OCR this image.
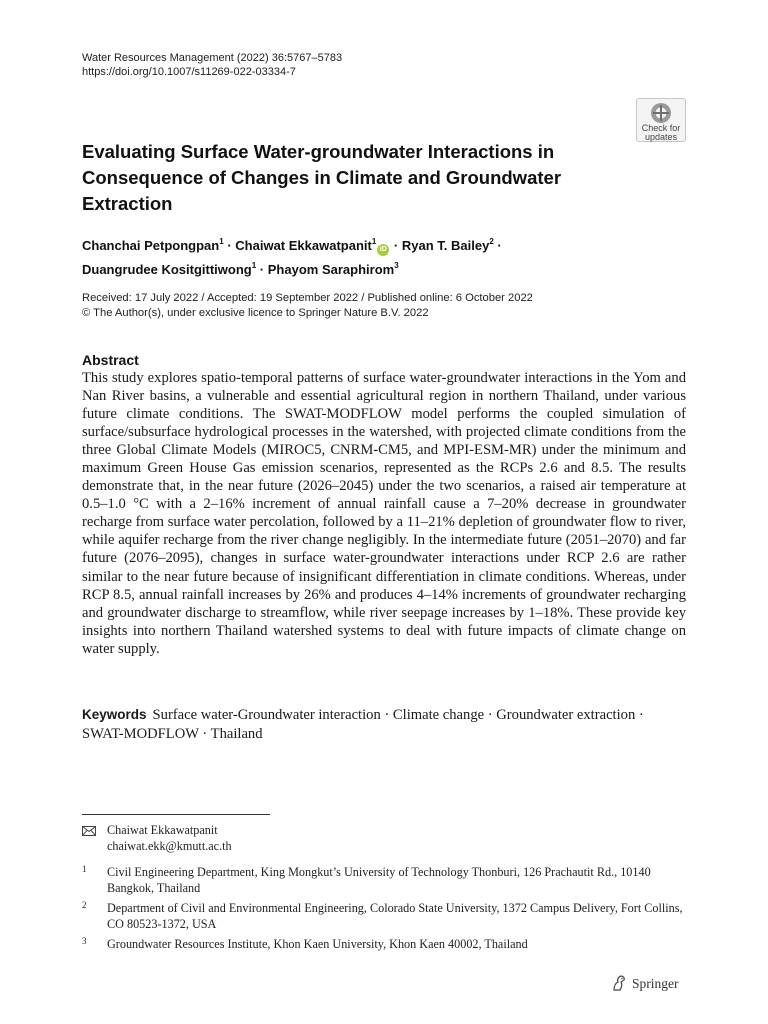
Water Resources Management (2022) 36:5767–5783
https://doi.org/10.1007/s11269-022-03334-7
Check for
updates
Evaluating Surface Water-groundwater Interactions in Consequence of Changes in Climate and Groundwater Extraction
Chanchai Petpongpan$^1$ · Chaiwat Ekkawatpanit$^1$iD · Ryan T. Bailey$^2$ ·
Duangrudee Kositgittiwong$^1$ · Phayom Saraphirom$^3$
Received: 17 July 2022 / Accepted: 19 September 2022 / Published online: 6 October 2022
© The Author(s), under exclusive licence to Springer Nature B.V. 2022
Abstract
This study explores spatio-temporal patterns of surface water-groundwater interactions in the Yom and Nan River basins, a vulnerable and essential agricultural region in northern Thailand, under various future climate conditions. The SWAT-MODFLOW model performs the coupled simulation of surface/subsurface hydrological processes in the watershed, with projected climate conditions from the three Global Climate Models (MIROC5, CNRM-CM5, and MPI-ESM-MR) under the minimum and maximum Green House Gas emission scenarios, represented as the RCPs 2.6 and 8.5. The results demonstrate that, in the near future (2026–2045) under the two scenarios, a raised air temperature at 0.5–1.0 °C with a 2–16% increment of annual rainfall cause a 7–20% decrease in groundwater recharge from surface water percolation, followed by a 11–21% depletion of groundwater flow to river, while aquifer recharge from the river change negligibly. In the intermediate future (2051–2070) and far future (2076–2095), changes in surface water-groundwater interactions under RCP 2.6 are rather similar to the near future because of insignificant differentiation in climate conditions. Whereas, under RCP 8.5, annual rainfall increases by 26% and produces 4–14% increments of groundwater recharging and groundwater discharge to streamflow, while river seepage increases by 1–18%. These provide key insights into northern Thailand watershed systems to deal with future impacts of climate change on water supply.
Keywords Surface water-Groundwater interaction · Climate change · Groundwater extraction · SWAT-MODFLOW · Thailand
Chaiwat Ekkawatpanit
chaiwat.ekk@kmutt.ac.th
1 Civil Engineering Department, King Mongkut’s University of Technology Thonburi, 126 Prachautit Rd., 10140 Bangkok, Thailand
2 Department of Civil and Environmental Engineering, Colorado State University, 1372 Campus Delivery, Fort Collins, CO 80523-1372, USA
3 Groundwater Resources Institute, Khon Kaen University, Khon Kaen 40002, Thailand
Springer
